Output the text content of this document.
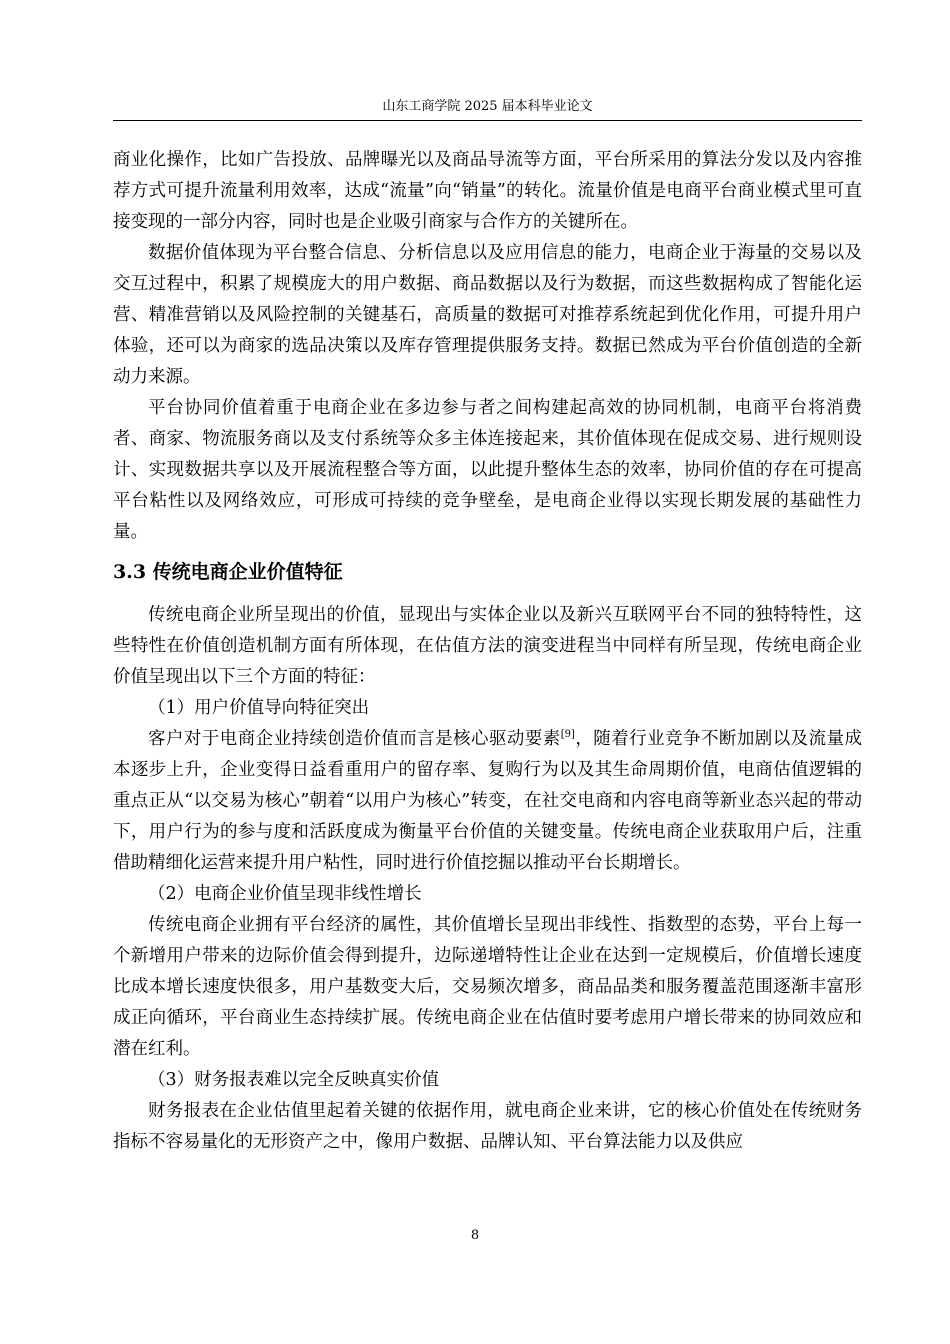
山东工商学院 2025 届本科毕业论文

商业化操作，比如广告投放、品牌曝光以及商品导流等方面，平台所采用的算法分发以及内容推荐方式可提升流量利用效率，达成“流量”向“销量”的转化。流量价值是电商平台商业模式里可直接变现的一部分内容，同时也是企业吸引商家与合作方的关键所在。

数据价值体现为平台整合信息、分析信息以及应用信息的能力，电商企业于海量的交易以及交互过程中，积累了规模庞大的用户数据、商品数据以及行为数据，而这些数据构成了智能化运营、精准营销以及风险控制的关键基石，高质量的数据可对推荐系统起到优化作用，可提升用户体验，还可以为商家的选品决策以及库存管理提供服务支持。数据已然成为平台价值创造的全新动力来源。

平台协同价值着重于电商企业在多边参与者之间构建起高效的协同机制，电商平台将消费者、商家、物流服务商以及支付系统等众多主体连接起来，其价值体现在促成交易、进行规则设计、实现数据共享以及开展流程整合等方面，以此提升整体生态的效率，协同价值的存在可提高平台粘性以及网络效应，可形成可持续的竞争壁垒，是电商企业得以实现长期发展的基础性力量。

3.3 传统电商企业价值特征

传统电商企业所呈现出的价值，显现出与实体企业以及新兴互联网平台不同的独特特性，这些特性在价值创造机制方面有所体现，在估值方法的演变进程当中同样有所呈现，传统电商企业价值呈现出以下三个方面的特征：

（1）用户价值导向特征突出

客户对于电商企业持续创造价值而言是核心驱动要素[9]，随着行业竞争不断加剧以及流量成本逐步上升，企业变得日益看重用户的留存率、复购行为以及其生命周期价值，电商估值逻辑的重点正从“以交易为核心”朝着“以用户为核心”转变，在社交电商和内容电商等新业态兴起的带动下，用户行为的参与度和活跃度成为衡量平台价值的关键变量。传统电商企业获取用户后，注重借助精细化运营来提升用户粘性，同时进行价值挖掘以推动平台长期增长。

（2）电商企业价值呈现非线性增长

传统电商企业拥有平台经济的属性，其价值增长呈现出非线性、指数型的态势，平台上每一个新增用户带来的边际价值会得到提升，边际递增特性让企业在达到一定规模后，价值增长速度比成本增长速度快很多，用户基数变大后，交易频次增多，商品品类和服务覆盖范围逐渐丰富形成正向循环，平台商业生态持续扩展。传统电商企业在估值时要考虑用户增长带来的协同效应和潜在红利。

（3）财务报表难以完全反映真实价值

财务报表在企业估值里起着关键的依据作用，就电商企业来讲，它的核心价值处在传统财务指标不容易量化的无形资产之中，像用户数据、品牌认知、平台算法能力以及供应

8
